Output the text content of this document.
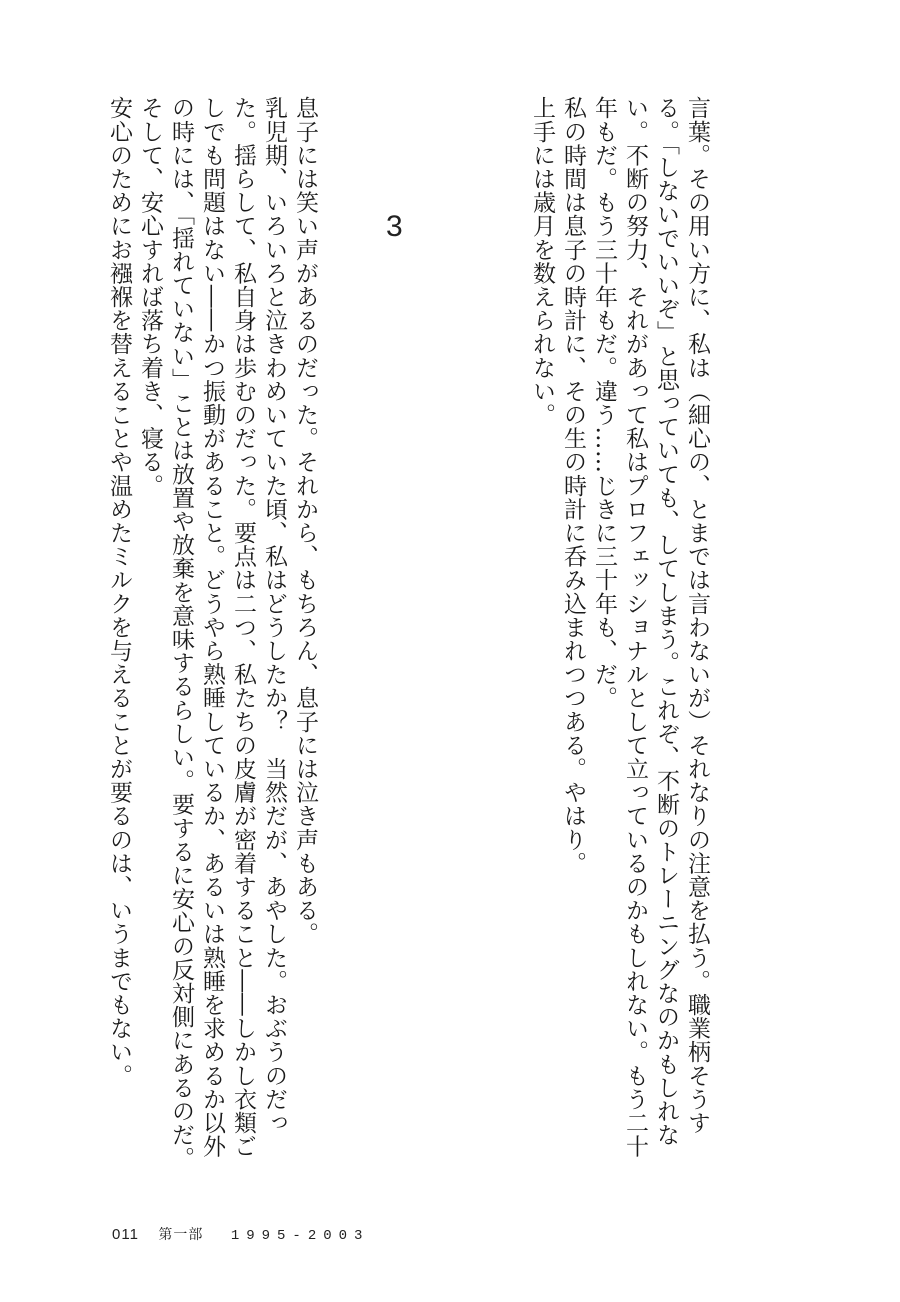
言葉。その用い方に、私は（細心の、とまでは言わないが）それなりの注意を払う。職業柄そうす
る。「しないでいいぞ」と思っていても、してしまう。これぞ、不断のトレーニングなのかもしれな
い。不断の努力、それがあって私はプロフェッショナルとして立っているのかもしれない。もう二十
年もだ。もう三十年もだ。違う……じきに三十年も、だ。
私の時間は息子の時計に、その生の時計に呑み込まれつつある。やはり。
上手には歳月を数えられない。
3
息子には笑い声があるのだった。それから、もちろん、息子には泣き声もある。
乳児期、いろいろと泣きわめいていた頃、私はどうしたか？　当然だが、あやした。おぶうのだっ
た。揺らして、私自身は歩むのだった。要点は二つ、私たちの皮膚が密着すること――しかし衣類ご
しでも問題はない――かつ振動があること。どうやら熟睡しているか、あるいは熟睡を求めるか以外
の時には、「揺れていない」ことは放置や放棄を意味するらしい。要するに安心の反対側にあるのだ。
そして、安心すれば落ち着き、寝る。
安心のためにお襁褓を替えることや温めたミルクを与えることが要るのは、いうまでもない。
011 第一部 1995-2003
